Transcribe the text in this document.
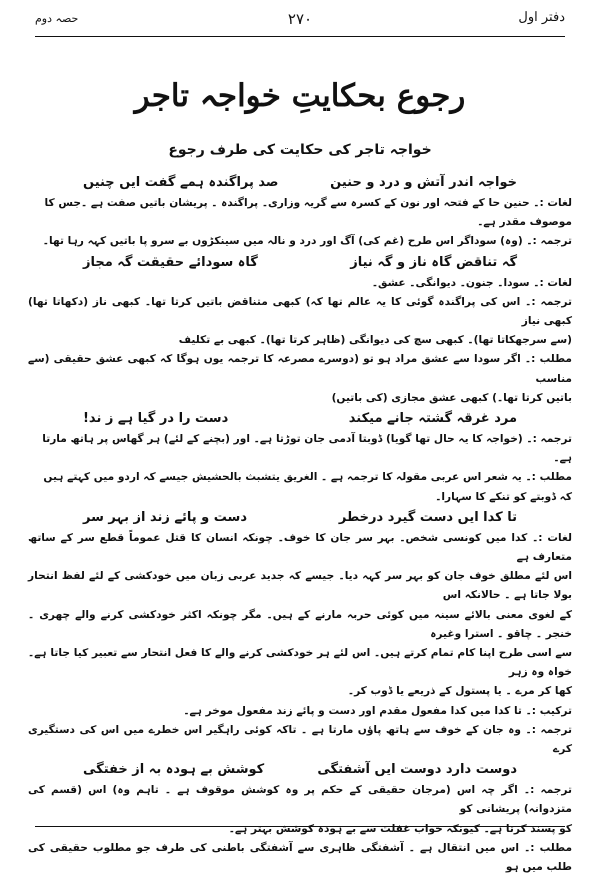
حصہ دوم	۲۷۰	دفتر اول
رجوع بحکایتِ خواجہ تاجر
خواجہ تاجر کی حکایت کی طرف رجوع
خواجہ اندر آتش و درد و حنین
صد پراگندہ ہمے گفت ایں چنیں

لغات :۔ حنین حا کے فتحہ اور نون کے کسرہ سے گریہ وزاری۔ پراگندہ ۔ پریشان باتیں صفت ہے ۔جس کا

موصوف مقدر ہے۔

ترجمہ :۔ (وہ) سوداگر اس طرح (غم کی) آگ اور درد و نالہ میں سینکڑوں بے سرو پا باتیں کہہ رہا تھا۔

گہ تناقض گاہ ناز و گہ نیاز
گاہ سودائے حقیقت گہ مجاز

لغات :۔ سودا۔ جنون۔ دیوانگی۔ عشق۔

ترجمہ :۔ اس کی پراگندہ گوئی کا یہ عالم تھا کہ) کبھی متناقض باتیں کرتا تھا۔ کبھی ناز (دکھاتا تھا) کبھی نیاز

(سے سرجھکاتا تھا)۔ کبھی سچ کی دیوانگی (ظاہر کرتا تھا)۔ کبھی بے تکلیف

مطلب :۔ اگر سودا سے عشق مراد ہو تو (دوسرے مصرعہ کا ترجمہ یوں ہوگا کہ کبھی عشق حقیقی (سے مناسب

باتیں کرتا تھا۔) کبھی عشق مجازی (کی باتیں)

مرد غرقہ گشتہ جانے میکند
دست را در گیا ہے ز ند!

ترجمہ :۔ (خواجہ کا یہ حال تھا گویا) ڈوبتا آدمی جان توڑتا ہے۔ اور (بچنے کے لئے) ہر گھاس پر ہاتھ مارتا

ہے۔

مطلب :۔ یہ شعر اس عربی مقولہ کا ترجمہ ہے ۔ الغریق یتشبث بالحشیش جیسے کہ اردو میں کہتے ہیں

کہ ڈوبتے کو تنکے کا سہارا۔

تا کدا ایں دست گیرد درخطر
دست و پائے زند از بہر سر

لغات :۔ کدا میں کونسی شخص۔ بہر سر جان کا خوف۔ چونکہ انسان کا قتل عموماً قطع سر کے ساتھ متعارف ہے

اس لئے مطلق خوف جان کو بہر سر کہہ دیا۔ جیسے کہ جدید عربی زبان میں خودکشی کے لئے لفظ انتحار بولا جاتا ہے ۔ حالانکہ اس

کے لغوی معنی بالائے سینہ میں کوئی حربہ مارنے کے ہیں۔ مگر چونکہ اکثر خودکشی کرنے والے چھری ۔ خنجر ۔ چاقو ۔ استرا وغیرہ

سے اسی طرح اپنا کام تمام کرتے ہیں۔ اس لئے ہر خودکشی کرنے والے کا فعل انتحار سے تعبیر کیا جاتا ہے۔ خواہ وہ زہر

کھا کر مرے ۔ یا پستول کے ذریعے یا ڈوب کر۔

ترکیب :۔ تا کدا میں کدا مفعول مقدم اور دست و پائے زند مفعول موخر ہے۔

ترجمہ :۔ وہ جان کے خوف سے ہاتھ پاؤں مارتا ہے ۔ تاکہ کوئی راہگیر اس خطرے میں اس کی دستگیری کرے

دوست دارد دوست ایں آشفتگی
کوشش بے ہودہ بہ از خفتگی

ترجمہ :۔ اگر چہ اس (مرجان حقیقی کے حکم پر وہ کوشش موقوف ہے ۔ تاہم وہ) اس (قسم کی متزدوانہ) پریشانی کو

کو پسند کرتا ہے۔ کیونکہ خواب غفلت سے بے ہودہ کوشش بہتر ہے۔

مطلب :۔ اس میں انتقال ہے ۔ آشفتگی ظاہری سے آشفتگی باطنی کی طرف جو مطلوب حقیقی کی طلب میں ہو
